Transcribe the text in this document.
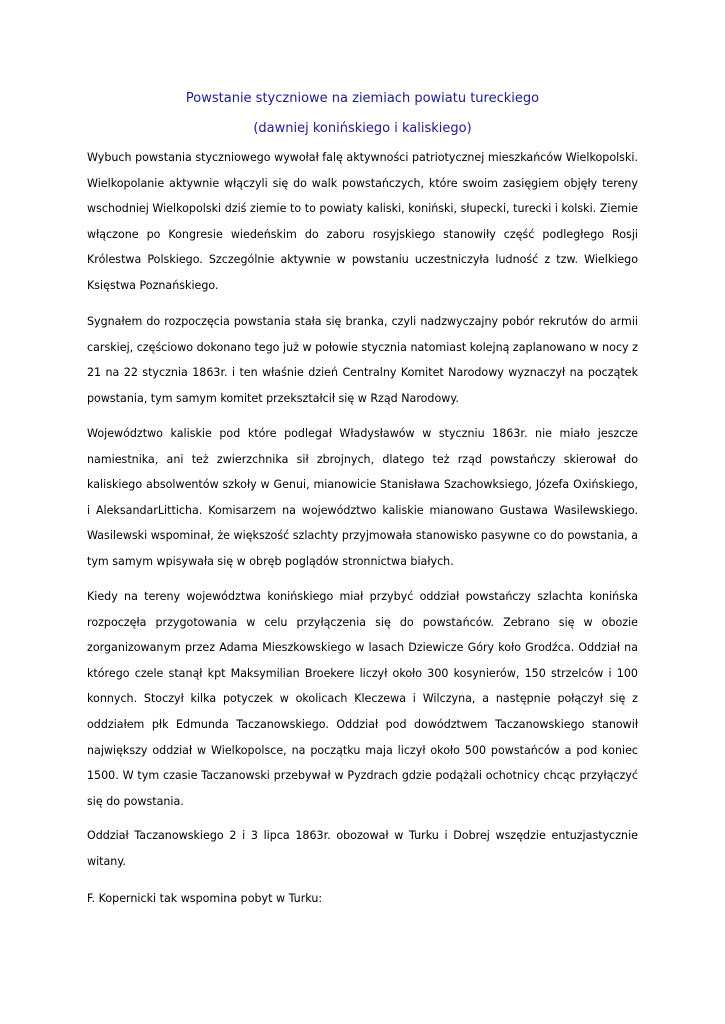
Powstanie styczniowe na ziemiach powiatu tureckiego
(dawniej konińskiego i kaliskiego)

Wybuch powstania styczniowego wywołał falę aktywności patriotycznej mieszkańców Wielkopolski. Wielkopolanie aktywnie włączyli się do walk powstańczych, które swoim zasięgiem objęły tereny wschodniej Wielkopolski dziś ziemie to to powiaty kaliski, koniński, słupecki, turecki i kolski. Ziemie włączone po Kongresie wiedeńskim do zaboru rosyjskiego stanowiły część podległego Rosji Królestwa Polskiego. Szczególnie aktywnie w powstaniu uczestniczyła ludność z tzw. Wielkiego Księstwa Poznańskiego.

Sygnałem do rozpoczęcia powstania stała się branka, czyli nadzwyczajny pobór rekrutów do armii carskiej, częściowo dokonano tego już w połowie stycznia natomiast kolejną zaplanowano w nocy z 21 na 22 stycznia 1863r. i ten właśnie dzień Centralny Komitet Narodowy wyznaczył na początek powstania, tym samym komitet przekształcił się w Rząd Narodowy.

Województwo kaliskie pod które podlegał Władysławów w styczniu 1863r. nie miało jeszcze namiestnika, ani też zwierzchnika sił zbrojnych, dlatego też rząd powstańczy skierował do kaliskiego absolwentów szkoły w Genui, mianowicie Stanisława Szachowksiego, Józefa Oxińskiego, i AleksandarLitticha. Komisarzem na województwo kaliskie mianowano Gustawa Wasilewskiego. Wasilewski wspominał, że większość szlachty przyjmowała stanowisko pasywne co do powstania, a tym samym wpisywała się w obręb poglądów stronnictwa białych.

Kiedy na tereny województwa konińskiego miał przybyć oddział powstańczy szlachta konińska rozpoczęła przygotowania w celu przyłączenia się do powstańców. Zebrano się w obozie zorganizowanym przez Adama Mieszkowskiego w lasach Dziewicze Góry koło Grodźca. Oddział na którego czele stanął kpt Maksymilian Broekere liczył około 300 kosynierów, 150 strzelców i 100 konnych. Stoczył kilka potyczek w okolicach Kleczewa i Wilczyna, a następnie połączył się z oddziałem płk Edmunda Taczanowskiego. Oddział pod dowództwem Taczanowskiego stanowił największy oddział w Wielkopolsce, na początku maja liczył około 500 powstańców a pod koniec 1500. W tym czasie Taczanowski przebywał w Pyzdrach gdzie podążali ochotnicy chcąc przyłączyć się do powstania.

Oddział Taczanowskiego 2 i 3 lipca 1863r. obozował w Turku i Dobrej wszędzie entuzjastycznie witany.

F. Kopernicki tak wspomina pobyt w Turku:
